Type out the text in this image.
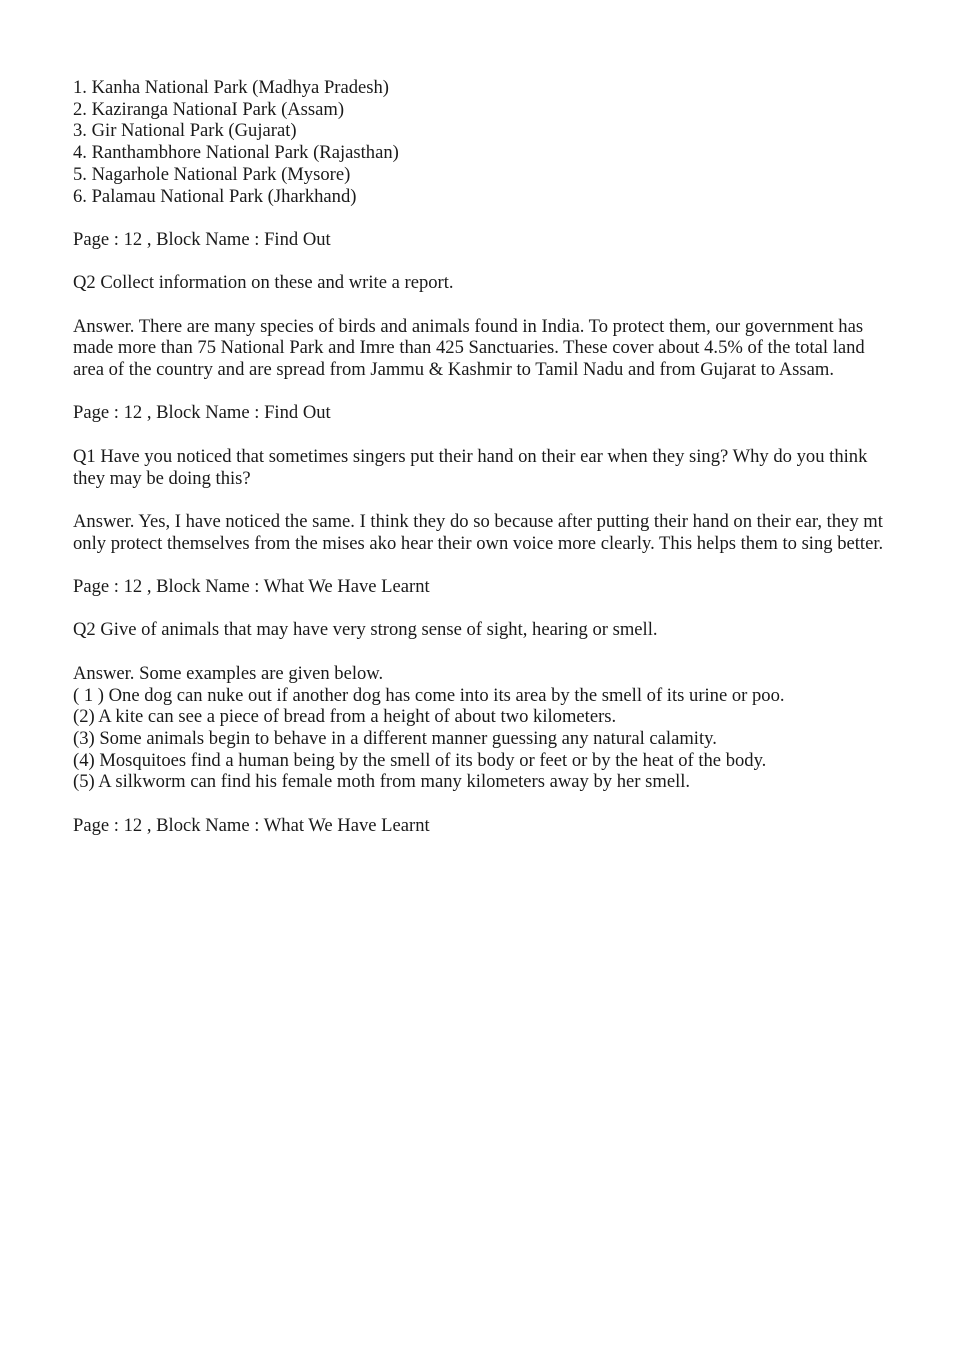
1. Kanha National Park (Madhya Pradesh)
2. Kaziranga NationaI Park (Assam)
3. Gir National Park (Gujarat)
4. Ranthambhore National Park (Rajasthan)
5. Nagarhole National Park (Mysore)
6. Palamau National Park (Jharkhand)

Page : 12 , Block Name : Find Out

Q2 Collect information on these and write a report.

Answer. There are many species of birds and animals found in India. To protect them, our government has made more than 75 National Park and Imre than 425 Sanctuaries. These cover about 4.5% of the total land area of the country and are spread from Jammu & Kashmir to Tamil Nadu and from Gujarat to Assam.

Page : 12 , Block Name : Find Out

Q1 Have you noticed that sometimes singers put their hand on their ear when they sing? Why do you think they may be doing this?

Answer. Yes, I have noticed the same. I think they do so because after putting their hand on their ear, they mt only protect themselves from the mises ako hear their own voice more clearly. This helps them to sing better.

Page : 12 , Block Name : What We Have Learnt

Q2 Give of animals that may have very strong sense of sight, hearing or smell.

Answer. Some examples are given below.
( 1 ) One dog can nuke out if another dog has come into its area by the smell of its urine or poo.
(2) A kite can see a piece of bread from a height of about two kilometers.
(3) Some animals begin to behave in a different manner guessing any natural calamity.
(4) Mosquitoes find a human being by the smell of its body or feet or by the heat of the body.
(5) A silkworm can find his female moth from many kilometers away by her smell.

Page : 12 , Block Name : What We Have Learnt
